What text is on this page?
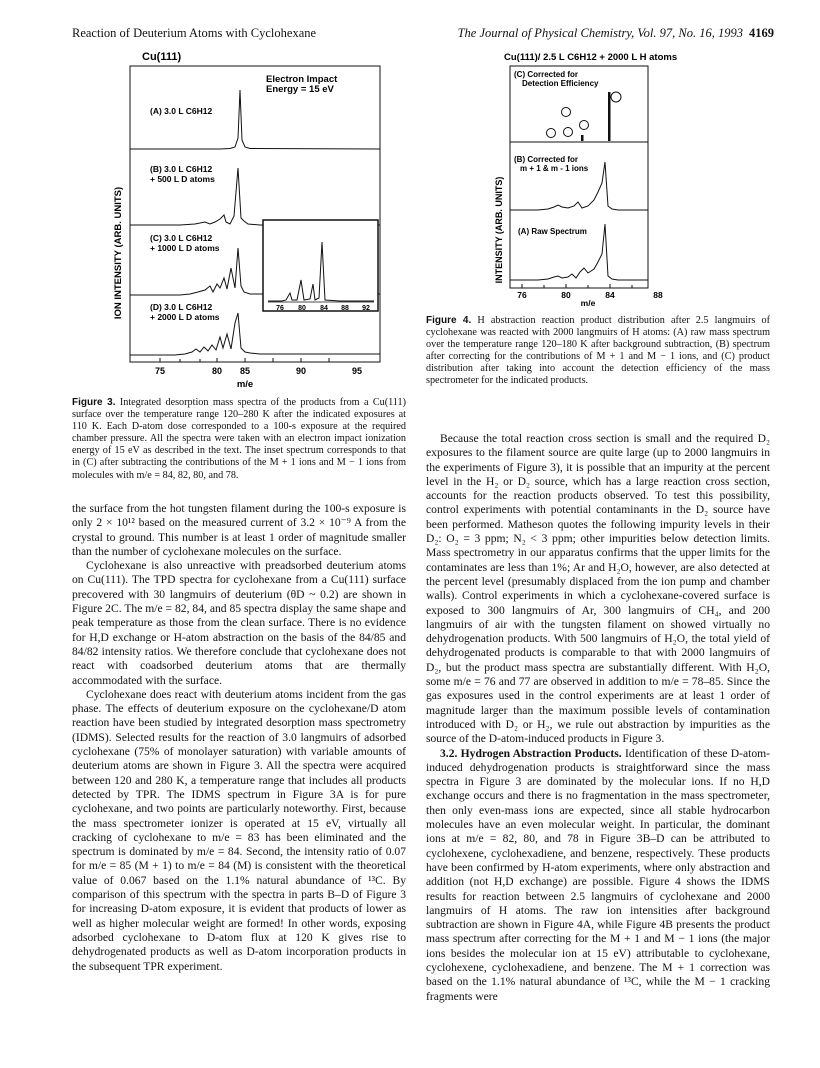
Reaction of Deuterium Atoms with Cyclohexane	The Journal of Physical Chemistry, Vol. 97, No. 16, 1993 4169
Cu(111)
ION INTENSITY (ARB. UNITS)
Electron Impact
Energy = 15 eV
(A) 3.0 L C6H12
(B) 3.0 L C6H12
+ 500 L D atoms
(C) 3.0 L C6H12
+ 1000 L D atoms
76 80 84 88 92
(D) 3.0 L C6H12
+ 2000 L D atoms
75	80 85	90	95
m/e
Figure 3. Integrated desorption mass spectra of the products from a Cu(111) surface over the temperature range 120–280 K after the indicated exposures at 110 K. Each D-atom dose corresponded to a 100-s exposure at the required chamber pressure. All the spectra were taken with an electron impact ionization energy of 15 eV as described in the text. The inset spectrum corresponds to that in (C) after subtracting the contributions of the M + 1 ions and M − 1 ions from molecules with m/e = 84, 82, 80, and 78.
Cu(111)/ 2.5 L C6H12 + 2000 L H atoms
INTENSITY (ARB. UNITS)
(C) Corrected for
Detection Efficiency
(B) Corrected for
m + 1 & m - 1 ions
(A) Raw Spectrum
76	80	84	88
m/e
Figure 4. H abstraction reaction product distribution after 2.5 langmuirs of cyclohexane was reacted with 2000 langmuirs of H atoms: (A) raw mass spectrum over the temperature range 120–180 K after background subtraction, (B) spectrum after correcting for the contributions of M + 1 and M − 1 ions, and (C) product distribution after taking into account the detection efficiency of the mass spectrometer for the indicated products.

the surface from the hot tungsten filament during the 100-s exposure is only 2 × 10¹² based on the measured current of 3.2 × 10⁻⁹ A from the crystal to ground. This number is at least 1 order of magnitude smaller than the number of cyclohexane molecules on the surface.

Cyclohexane is also unreactive with preadsorbed deuterium atoms on Cu(111). The TPD spectra for cyclohexane from a Cu(111) surface precovered with 30 langmuirs of deuterium (θD ~ 0.2) are shown in Figure 2C. The m/e = 82, 84, and 85 spectra display the same shape and peak temperature as those from the clean surface. There is no evidence for H,D exchange or H-atom abstraction on the basis of the 84/85 and 84/82 intensity ratios. We therefore conclude that cyclohexane does not react with coadsorbed deuterium atoms that are thermally accommodated with the surface.

Cyclohexane does react with deuterium atoms incident from the gas phase. The effects of deuterium exposure on the cyclohexane/D atom reaction have been studied by integrated desorption mass spectrometry (IDMS). Selected results for the reaction of 3.0 langmuirs of adsorbed cyclohexane (75% of monolayer saturation) with variable amounts of deuterium atoms are shown in Figure 3. All the spectra were acquired between 120 and 280 K, a temperature range that includes all products detected by TPR. The IDMS spectrum in Figure 3A is for pure cyclohexane, and two points are particularly noteworthy. First, because the mass spectrometer ionizer is operated at 15 eV, virtually all cracking of cyclohexane to m/e = 83 has been eliminated and the spectrum is dominated by m/e = 84. Second, the intensity ratio of 0.07 for m/e = 85 (M + 1) to m/e = 84 (M) is consistent with the theoretical value of 0.067 based on the 1.1% natural abundance of ¹³C. By comparison of this spectrum with the spectra in parts B–D of Figure 3 for increasing D-atom exposure, it is evident that products of lower as well as higher molecular weight are formed! In other words, exposing adsorbed cyclohexane to D-atom flux at 120 K gives rise to dehydrogenated products as well as D-atom incorporation products in the subsequent TPR experiment.

Because the total reaction cross section is small and the required D₂ exposures to the filament source are quite large (up to 2000 langmuirs in the experiments of Figure 3), it is possible that an impurity at the percent level in the H₂ or D₂ source, which has a large reaction cross section, accounts for the reaction products observed. To test this possibility, control experiments with potential contaminants in the D₂ source have been performed. Matheson quotes the following impurity levels in their D₂: O₂ = 3 ppm; N₂ < 3 ppm; other impurities below detection limits. Mass spectrometry in our apparatus confirms that the upper limits for the contaminates are less than 1%; Ar and H₂O, however, are also detected at the percent level (presumably displaced from the ion pump and chamber walls). Control experiments in which a cyclohexane-covered surface is exposed to 300 langmuirs of Ar, 300 langmuirs of CH₄, and 200 langmuirs of air with the tungsten filament on showed virtually no dehydrogenation products. With 500 langmuirs of H₂O, the total yield of dehydrogenated products is comparable to that with 2000 langmuirs of D₂, but the product mass spectra are substantially different. With H₂O, some m/e = 76 and 77 are observed in addition to m/e = 78–85. Since the gas exposures used in the control experiments are at least 1 order of magnitude larger than the maximum possible levels of contamination introduced with D₂ or H₂, we rule out abstraction by impurities as the source of the D-atom-induced products in Figure 3.

3.2. Hydrogen Abstraction Products. Identification of these D-atom-induced dehydrogenation products is straightforward since the mass spectra in Figure 3 are dominated by the molecular ions. If no H,D exchange occurs and there is no fragmentation in the mass spectrometer, then only even-mass ions are expected, since all stable hydrocarbon molecules have an even molecular weight. In particular, the dominant ions at m/e = 82, 80, and 78 in Figure 3B–D can be attributed to cyclohexene, cyclohexadiene, and benzene, respectively. These products have been confirmed by H-atom experiments, where only abstraction and addition (not H,D exchange) are possible. Figure 4 shows the IDMS results for reaction between 2.5 langmuirs of cyclohexane and 2000 langmuirs of H atoms. The raw ion intensities after background subtraction are shown in Figure 4A, while Figure 4B presents the product mass spectrum after correcting for the M + 1 and M − 1 ions (the major ions besides the molecular ion at 15 eV) attributable to cyclohexane, cyclohexene, cyclohexadiene, and benzene. The M + 1 correction was based on the 1.1% natural abundance of ¹³C, while the M − 1 cracking fragments were
